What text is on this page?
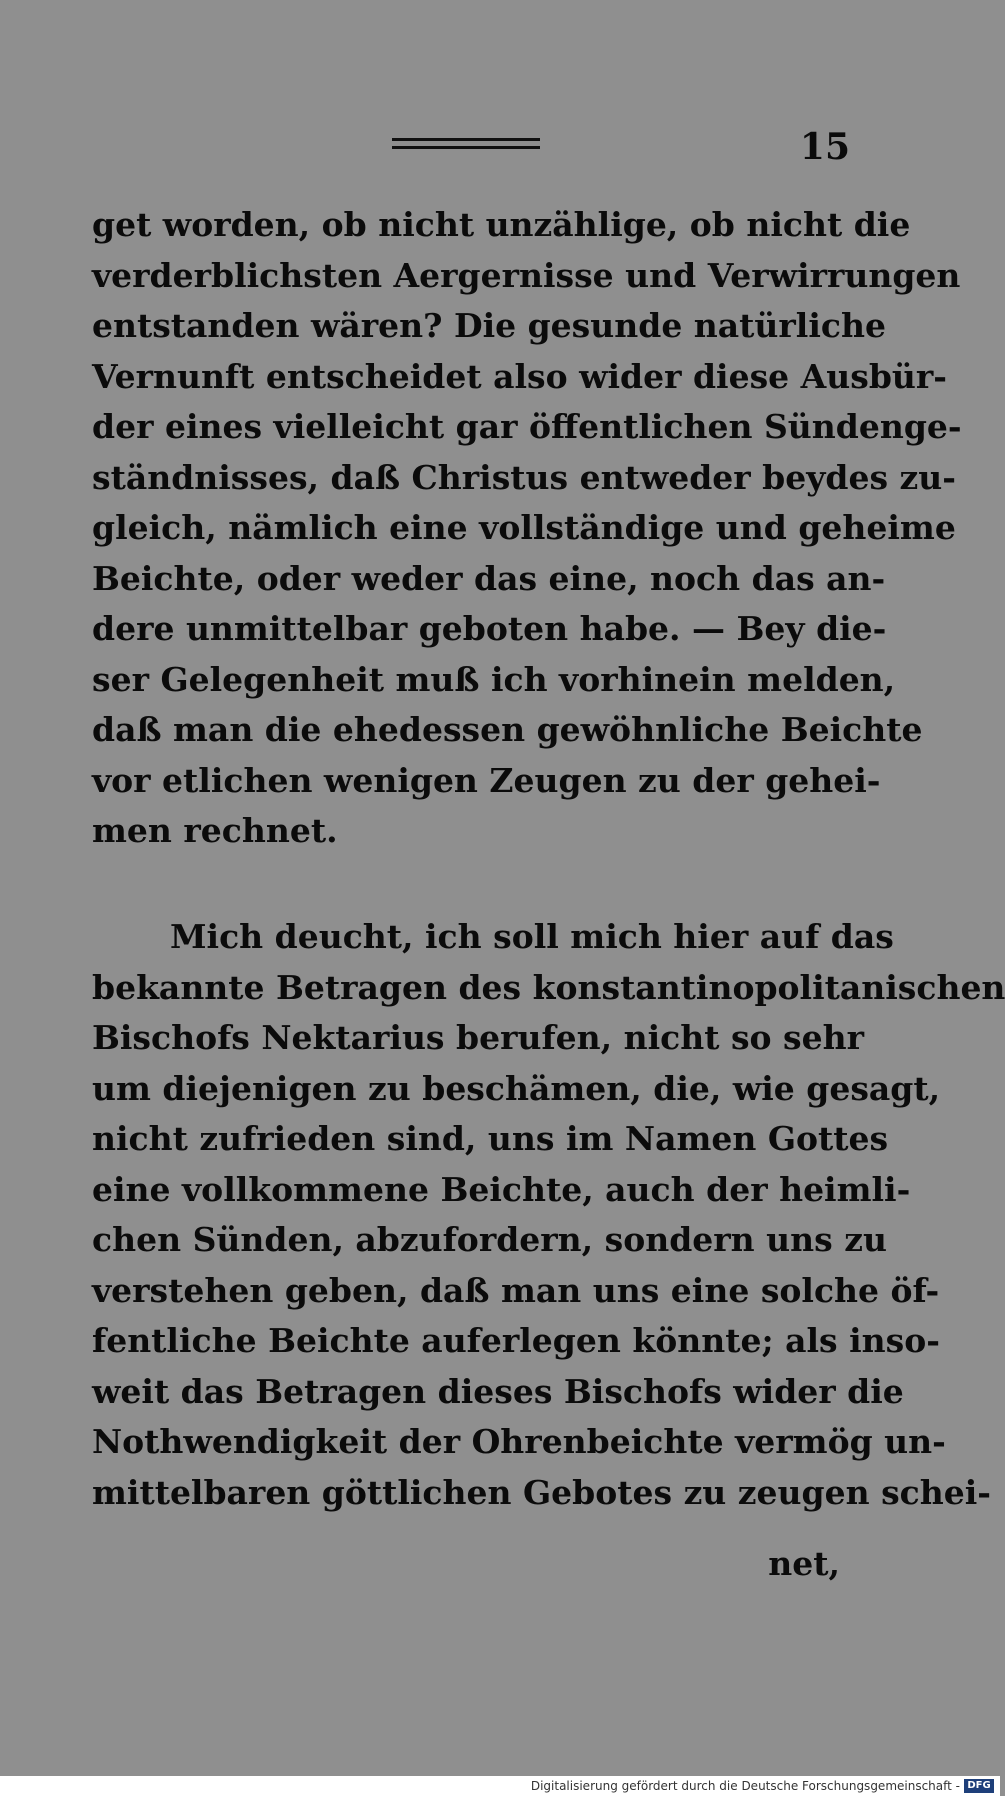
15
get worden, ob nicht unzählige, ob nicht die
verderblichsten Aergernisse und Verwirrungen
entstanden wären? Die gesunde natürliche
Vernunft entscheidet also wider diese Ausbür-
der eines vielleicht gar öffentlichen Sündenge-
ständnisses, daß Christus entweder beydes zu-
gleich, nämlich eine vollständige und geheime
Beichte, oder weder das eine, noch das an-
dere unmittelbar geboten habe. — Bey die-
ser Gelegenheit muß ich vorhinein melden,
daß man die ehedessen gewöhnliche Beichte
vor etlichen wenigen Zeugen zu der gehei-
men rechnet.
Mich deucht, ich soll mich hier auf das
bekannte Betragen des konstantinopolitanischen
Bischofs Nektarius berufen, nicht so sehr
um diejenigen zu beschämen, die, wie gesagt,
nicht zufrieden sind, uns im Namen Gottes
eine vollkommene Beichte, auch der heimli-
chen Sünden, abzufordern, sondern uns zu
verstehen geben, daß man uns eine solche öf-
fentliche Beichte auferlegen könnte; als inso-
weit das Betragen dieses Bischofs wider die
Nothwendigkeit der Ohrenbeichte vermög un-
mittelbaren göttlichen Gebotes zu zeugen schei-
net,
Digitalisierung gefördert durch die Deutsche Forschungsgemeinschaft - DFG
